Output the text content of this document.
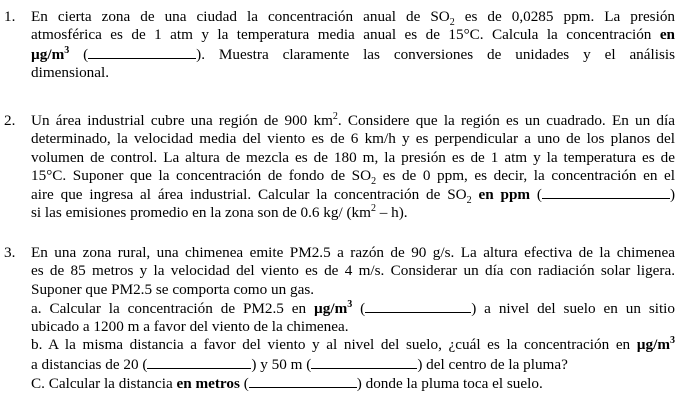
1. En cierta zona de una ciudad la concentración anual de $SO_2$ es de 0,0285 ppm. La presión
atmosférica es de 1 atm y la temperatura media anual es de 15°C. Calcula la concentración en
$\mu g/m^3$ (	). Muestra claramente las conversiones de unidades y el análisis
dimensional.
2. Un área industrial cubre una región de 900 $km^2$. Considere que la región es un cuadrado. En un día
determinado, la velocidad media del viento es de 6 km/h y es perpendicular a uno de los planos del
volumen de control. La altura de mezcla es de 180 m, la presión es de 1 atm y la temperatura es de
15°C. Suponer que la concentración de fondo de $SO_2$ es de 0 ppm, es decir, la concentración en el
aire que ingresa al área industrial. Calcular la concentración de $SO_2$ en ppm (	)
si las emisiones promedio en la zona son de 0.6 kg/ $(km^2 - h)$.
3. En una zona rural, una chimenea emite PM2.5 a razón de 90 g/s. La altura efectiva de la chimenea
es de 85 metros y la velocidad del viento es de 4 m/s. Considerar un día con radiación solar ligera.
Suponer que PM2.5 se comporta como un gas.
a. Calcular la concentración de PM2.5 en $\mu g/m^3$ (	) a nivel del suelo en un sitio
ubicado a 1200 m a favor del viento de la chimenea.
b. A la misma distancia a favor del viento y al nivel del suelo, ¿cuál es la concentración en $\mu g/m^3$
a distancias de 20 (	) y 50 m (	) del centro de la pluma?
C. Calcular la distancia en metros (	) donde la pluma toca el suelo.
